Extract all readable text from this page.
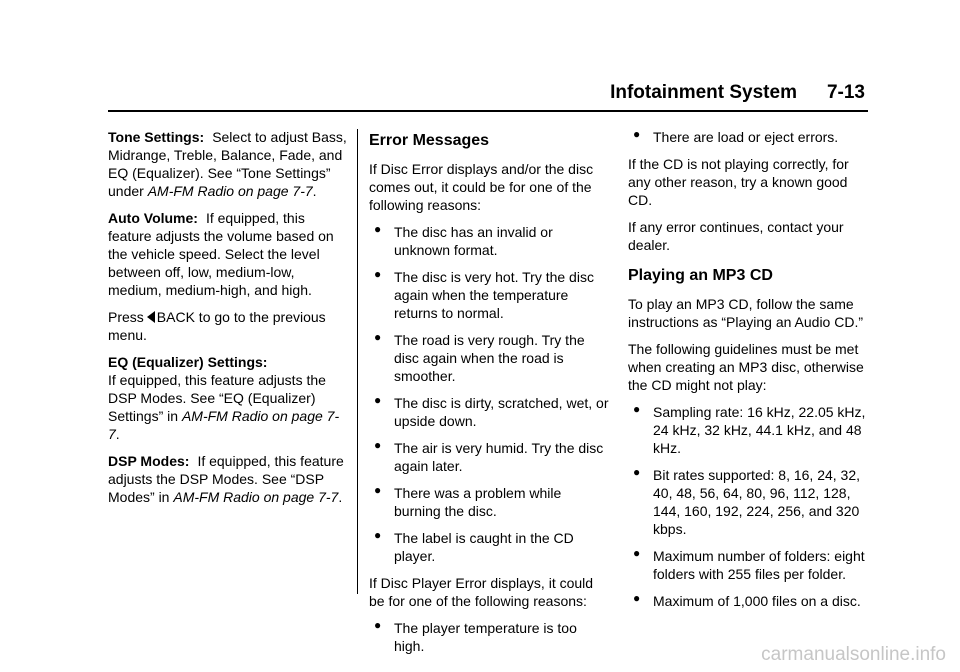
Infotainment System 7-13

Tone Settings: Select to adjust Bass, Midrange, Treble, Balance, Fade, and EQ (Equalizer). See “Tone Settings” under AM-FM Radio on page 7-7.

Auto Volume: If equipped, this feature adjusts the volume based on the vehicle speed. Select the level between off, low, medium-low, medium, medium-high, and high.

Press BACK to go to the previous menu.

EQ (Equalizer) Settings:
If equipped, this feature adjusts the DSP Modes. See “EQ (Equalizer) Settings” in AM-FM Radio on page 7-7.

DSP Modes: If equipped, this feature adjusts the DSP Modes. See “DSP Modes” in AM-FM Radio on page 7-7.

Error Messages

If Disc Error displays and/or the disc comes out, it could be for one of the following reasons:

● The disc has an invalid or unknown format.
● The disc is very hot. Try the disc again when the temperature returns to normal.
● The road is very rough. Try the disc again when the road is smoother.
● The disc is dirty, scratched, wet, or upside down.
● The air is very humid. Try the disc again later.
● There was a problem while burning the disc.
● The label is caught in the CD player.

If Disc Player Error displays, it could be for one of the following reasons:

● The player temperature is too high.
● There are load or eject errors.

If the CD is not playing correctly, for any other reason, try a known good CD.

If any error continues, contact your dealer.

Playing an MP3 CD

To play an MP3 CD, follow the same instructions as “Playing an Audio CD.”

The following guidelines must be met when creating an MP3 disc, otherwise the CD might not play:

● Sampling rate: 16 kHz, 22.05 kHz, 24 kHz, 32 kHz, 44.1 kHz, and 48 kHz.
● Bit rates supported: 8, 16, 24, 32, 40, 48, 56, 64, 80, 96, 112, 128, 144, 160, 192, 224, 256, and 320 kbps.
● Maximum number of folders: eight folders with 255 files per folder.
● Maximum of 1,000 files on a disc.
carmanualsonline.info
